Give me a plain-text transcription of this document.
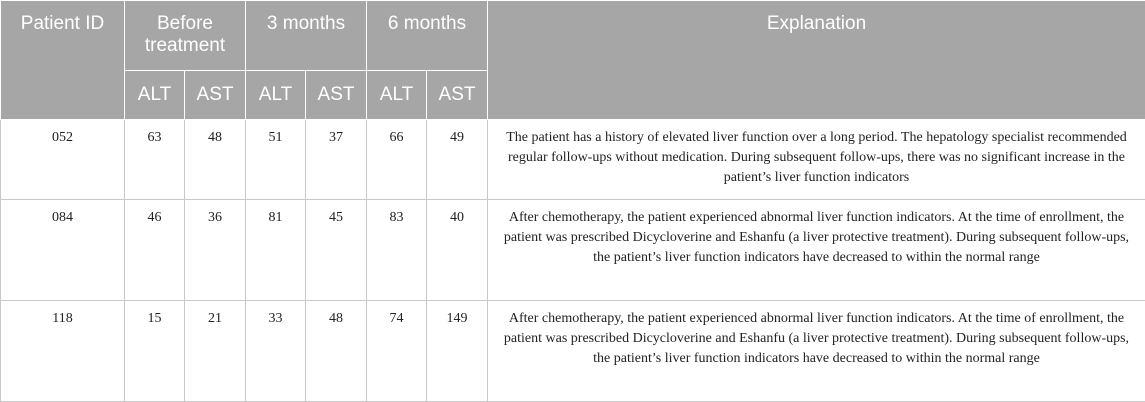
Patient ID	Before treatment		3 months		6 months		Explanation
	ALT	AST	ALT	AST	ALT	AST	
052	63	48	51	37	66	49	The patient has a history of elevated liver function over a long period. The hepatology specialist recommended regular follow-ups without medication. During subsequent follow-ups, there was no significant increase in the patient’s liver function indicators
084	46	36	81	45	83	40	After chemotherapy, the patient experienced abnormal liver function indicators. At the time of enrollment, the patient was prescribed Dicycloverine and Eshanfu (a liver protective treatment). During subsequent follow-ups, the patient’s liver function indicators have decreased to within the normal range
118	15	21	33	48	74	149	After chemotherapy, the patient experienced abnormal liver function indicators. At the time of enrollment, the patient was prescribed Dicycloverine and Eshanfu (a liver protective treatment). During subsequent follow-ups, the patient’s liver function indicators have decreased to within the normal range
